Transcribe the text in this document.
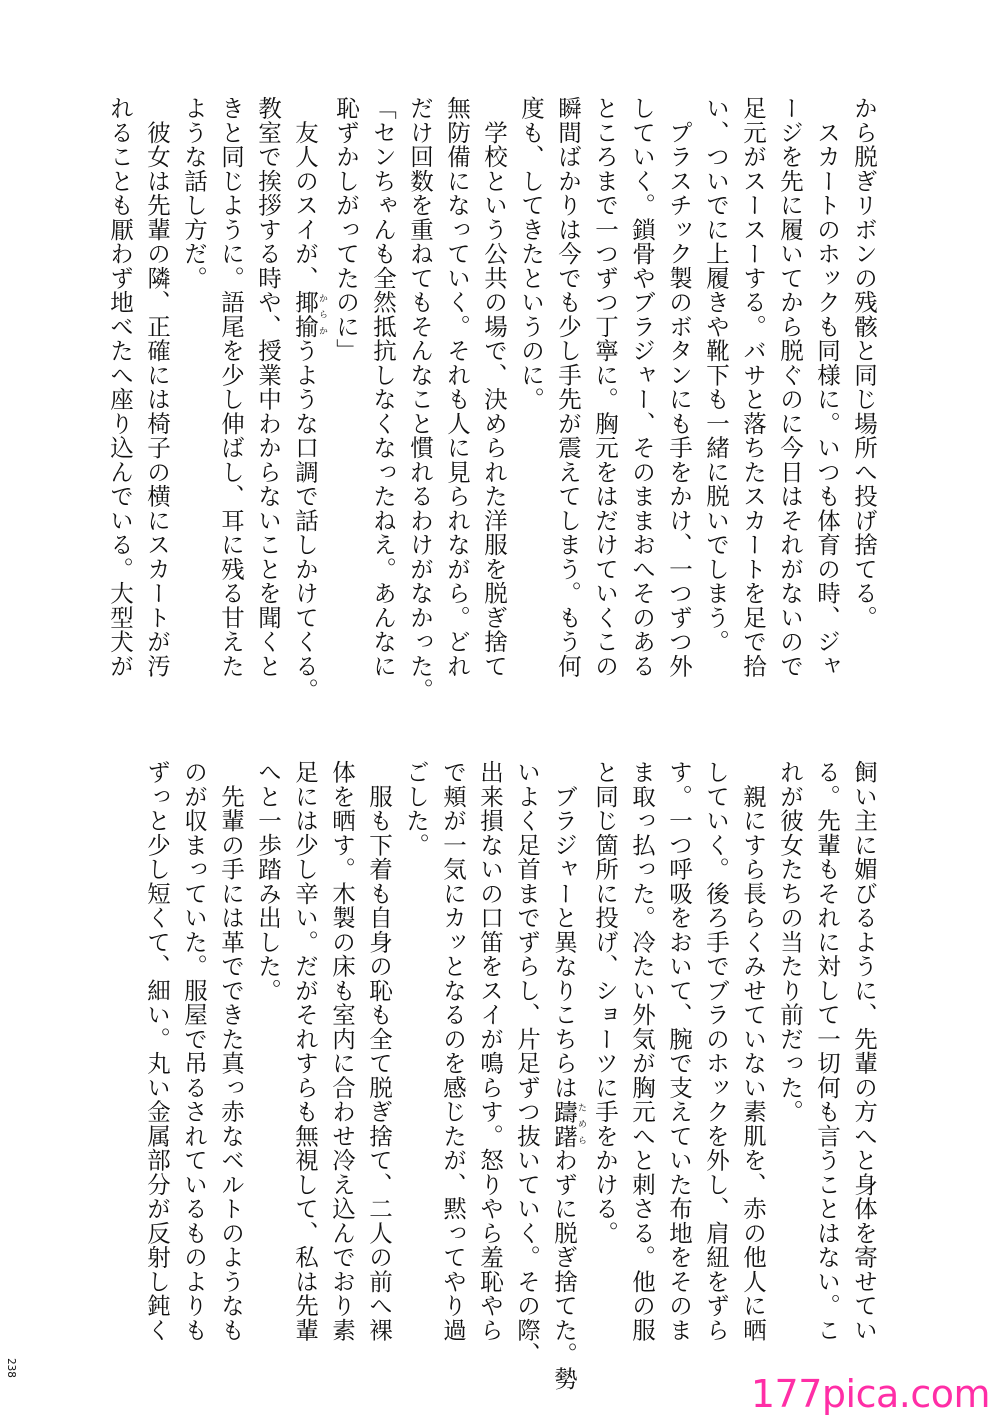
から脱ぎリボンの残骸と同じ場所へ投げ捨てる。

　スカートのホックも同様に。いつも体育の時、ジャ

ージを先に履いてから脱ぐのに今日はそれがないので

足元がスースーする。バサと落ちたスカートを足で拾

い、ついでに上履きや靴下も一緒に脱いでしまう。

　プラスチック製のボタンにも手をかけ、一つずつ外

していく。鎖骨やブラジャー、そのままおへそのある

ところまで一つずつ丁寧に。胸元をはだけていくこの

瞬間ばかりは今でも少し手先が震えてしまう。もう何

度も、してきたというのに。

　学校という公共の場で、決められた洋服を脱ぎ捨て

無防備になっていく。それも人に見られながら。どれ

だけ回数を重ねてもそんなこと慣れるわけがなかった。

「センちゃんも全然抵抗しなくなったねえ。あんなに

恥ずかしがってたのに」

　友人のスイが、揶揄からかうような口調で話しかけてくる。

教室で挨拶する時や、授業中わからないことを聞くと

きと同じように。語尾を少し伸ばし、耳に残る甘えた

ような話し方だ。

　彼女は先輩の隣、正確には椅子の横にスカートが汚

れることも厭わず地べたへ座り込んでいる。大型犬が

飼い主に媚びるように、先輩の方へと身体を寄せてい

る。先輩もそれに対して一切何も言うことはない。こ

れが彼女たちの当たり前だった。

　親にすら長らくみせていない素肌を、赤の他人に晒

していく。後ろ手でブラのホックを外し、肩紐をずら

す。一つ呼吸をおいて、腕で支えていた布地をそのま

ま取っ払った。冷たい外気が胸元へと刺さる。他の服

と同じ箇所に投げ、ショーツに手をかける。

　ブラジャーと異なりこちらは躊躇ためらわずに脱ぎ捨てた。勢

いよく足首までずらし、片足ずつ抜いていく。その際、

出来損ないの口笛をスイが鳴らす。怒りやら羞恥やら

で頬が一気にカッとなるのを感じたが、黙ってやり過

ごした。

　服も下着も自身の恥も全て脱ぎ捨て、二人の前へ裸

体を晒す。木製の床も室内に合わせ冷え込んでおり素

足には少し辛い。だがそれすらも無視して、私は先輩

へと一歩踏み出した。

　先輩の手には革でできた真っ赤なベルトのようなも

のが収まっていた。服屋で吊るされているものよりも

ずっと少し短くて、細い。丸い金属部分が反射し鈍く

238
177pica.com
